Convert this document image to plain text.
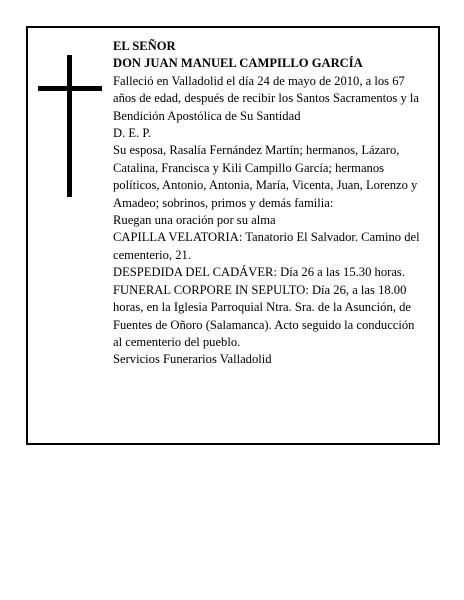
EL SEÑOR

DON JUAN MANUEL CAMPILLO GARCÍA

Falleció en Valladolid el día 24 de mayo de 2010, a los 67 años de edad, después de recibir los Santos Sacramentos y la Bendición Apostólica de Su Santidad

D. E. P.

Su esposa, Rasalía Fernández Martín; hermanos, Lázaro, Catalina, Francisca y Kili Campillo García; hermanos políticos, Antonio, Antonia, María, Vicenta, Juan, Lorenzo y Amadeo; sobrinos, primos y demás familia:

Ruegan una oración por su alma

CAPILLA VELATORIA: Tanatorio El Salvador. Camino del cementerio, 21.

DESPEDIDA DEL CADÁVER: Día 26 a las 15.30 horas.

FUNERAL CORPORE IN SEPULTO: Día 26, a las 18.00 horas, en la Iglesia Parroquial Ntra. Sra. de la Asunción, de Fuentes de Oñoro (Salamanca). Acto seguido la conducción al cementerio del pueblo.

Servicios Funerarios Valladolid
